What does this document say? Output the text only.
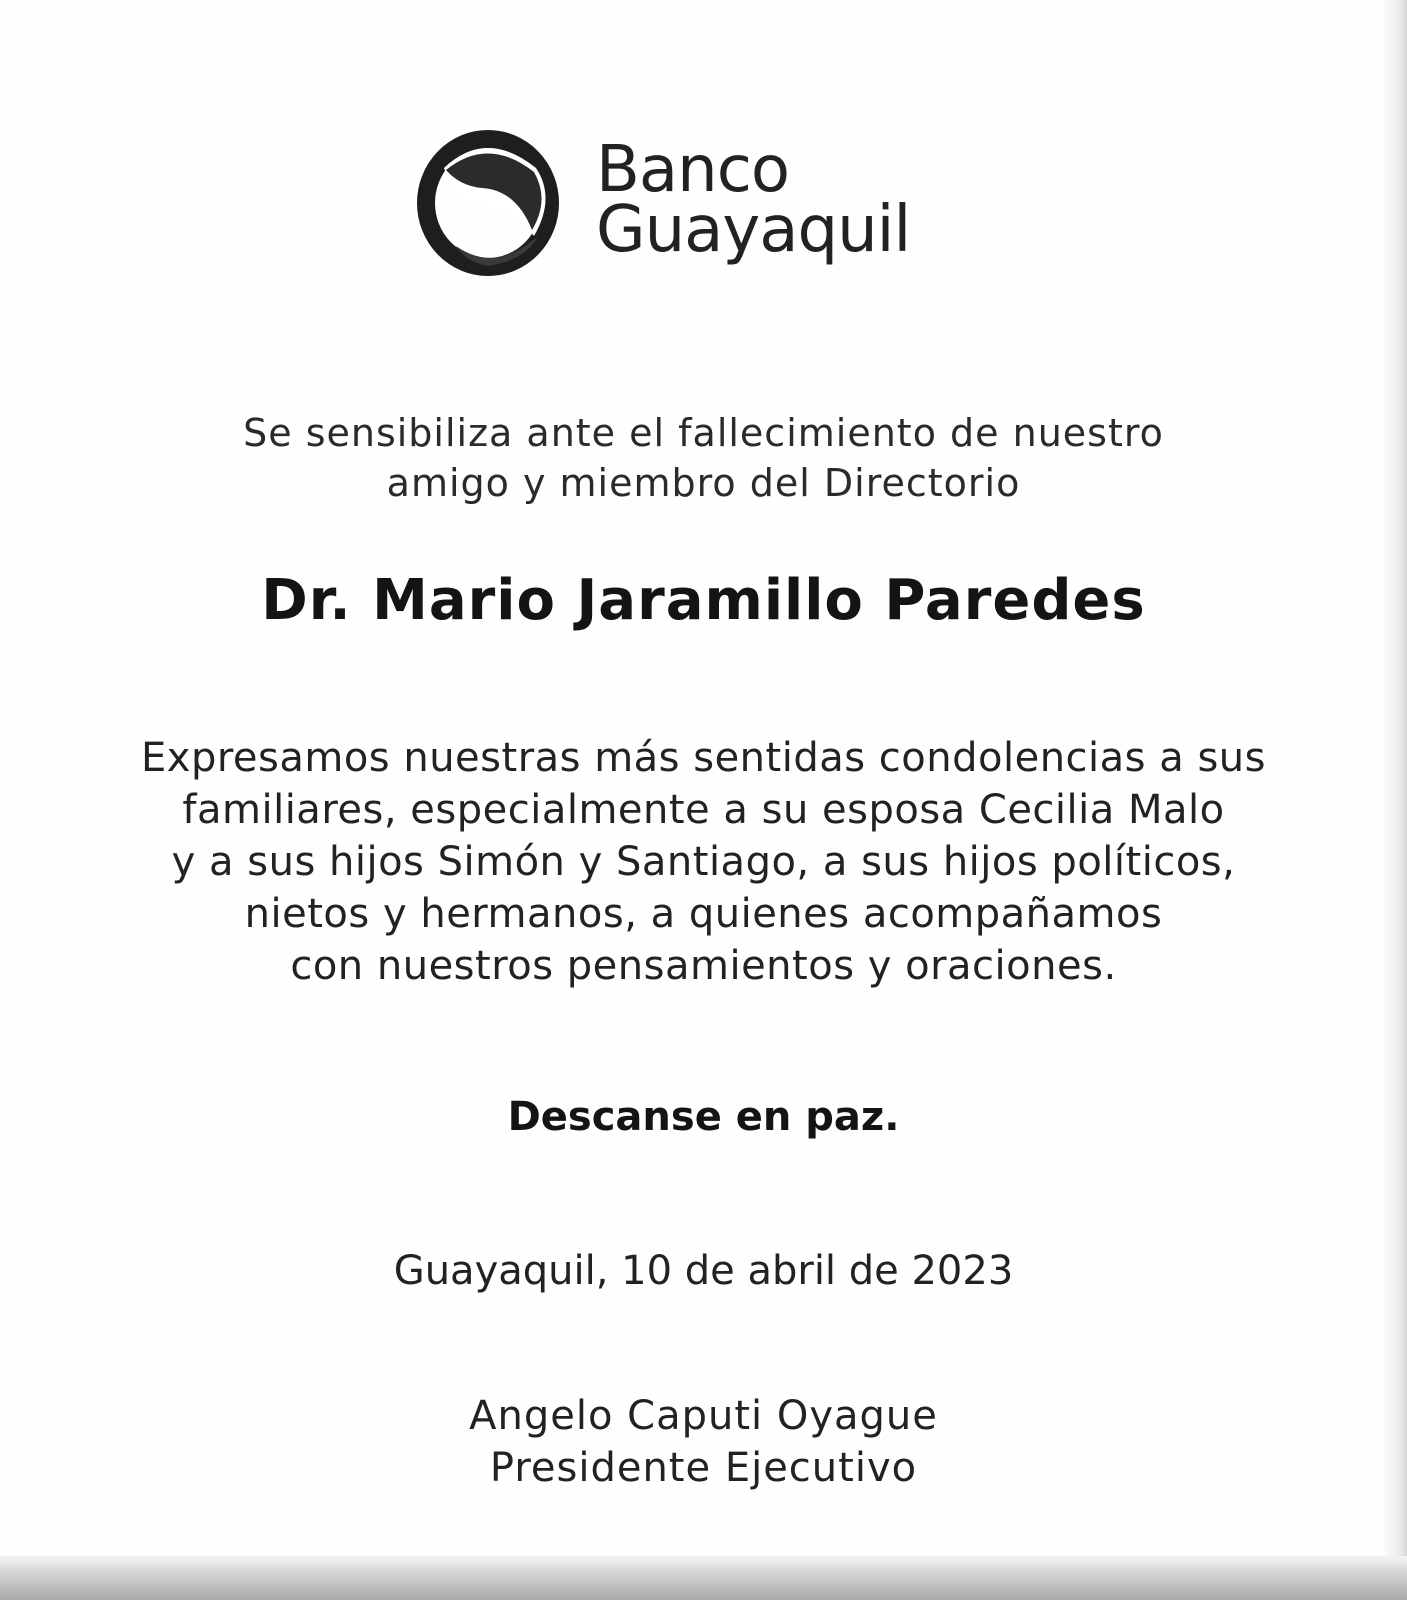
Banco
Guayaquil
Se sensibiliza ante el fallecimiento de nuestro
amigo y miembro del Directorio
Dr. Mario Jaramillo Paredes
Expresamos nuestras más sentidas condolencias a sus
familiares, especialmente a su esposa Cecilia Malo
y a sus hijos Simón y Santiago, a sus hijos políticos,
nietos y hermanos, a quienes acompañamos
con nuestros pensamientos y oraciones.
Descanse en paz.
Guayaquil, 10 de abril de 2023
Angelo Caputi Oyague
Presidente Ejecutivo
